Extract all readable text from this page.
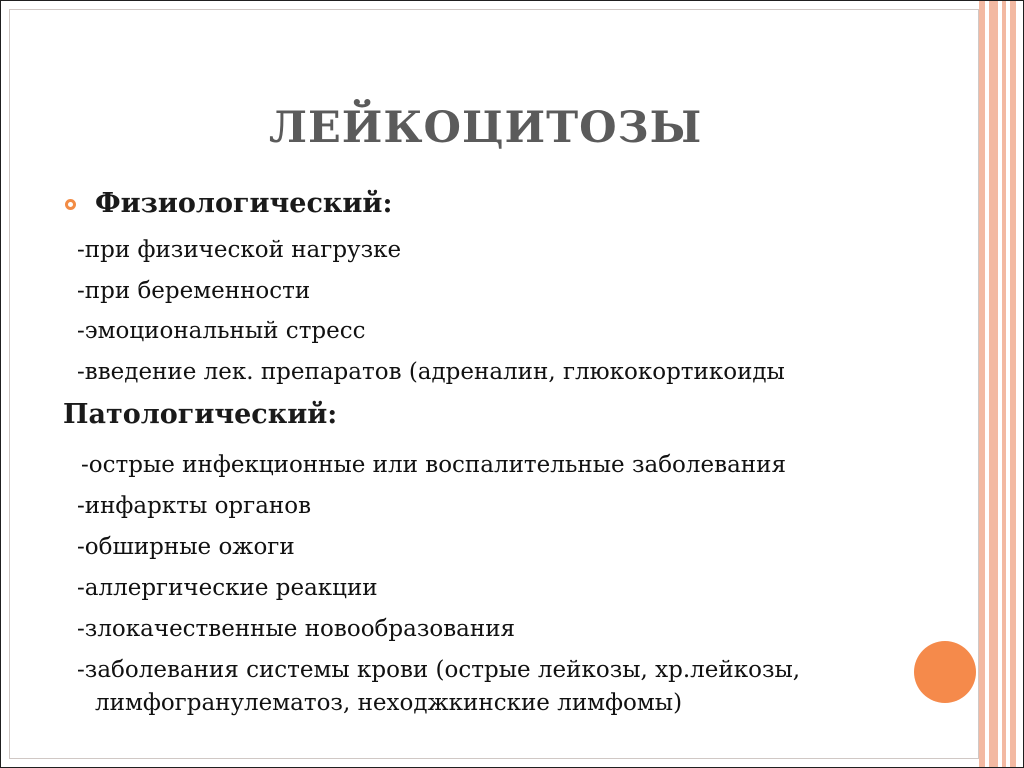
ЛЕЙКОЦИТОЗЫ
Физиологический:

-при физической нагрузке

-при беременности

-эмоциональный стресс

-введение лек. препаратов (адреналин, глюкокортикоиды

Патологический:

-острые инфекционные или воспалительные заболевания

-инфаркты органов

-обширные ожоги

-аллергические реакции

-злокачественные новообразования

-заболевания системы крови (острые лейкозы, хр.лейкозы,

лимфогранулематоз, неходжкинские лимфомы)
